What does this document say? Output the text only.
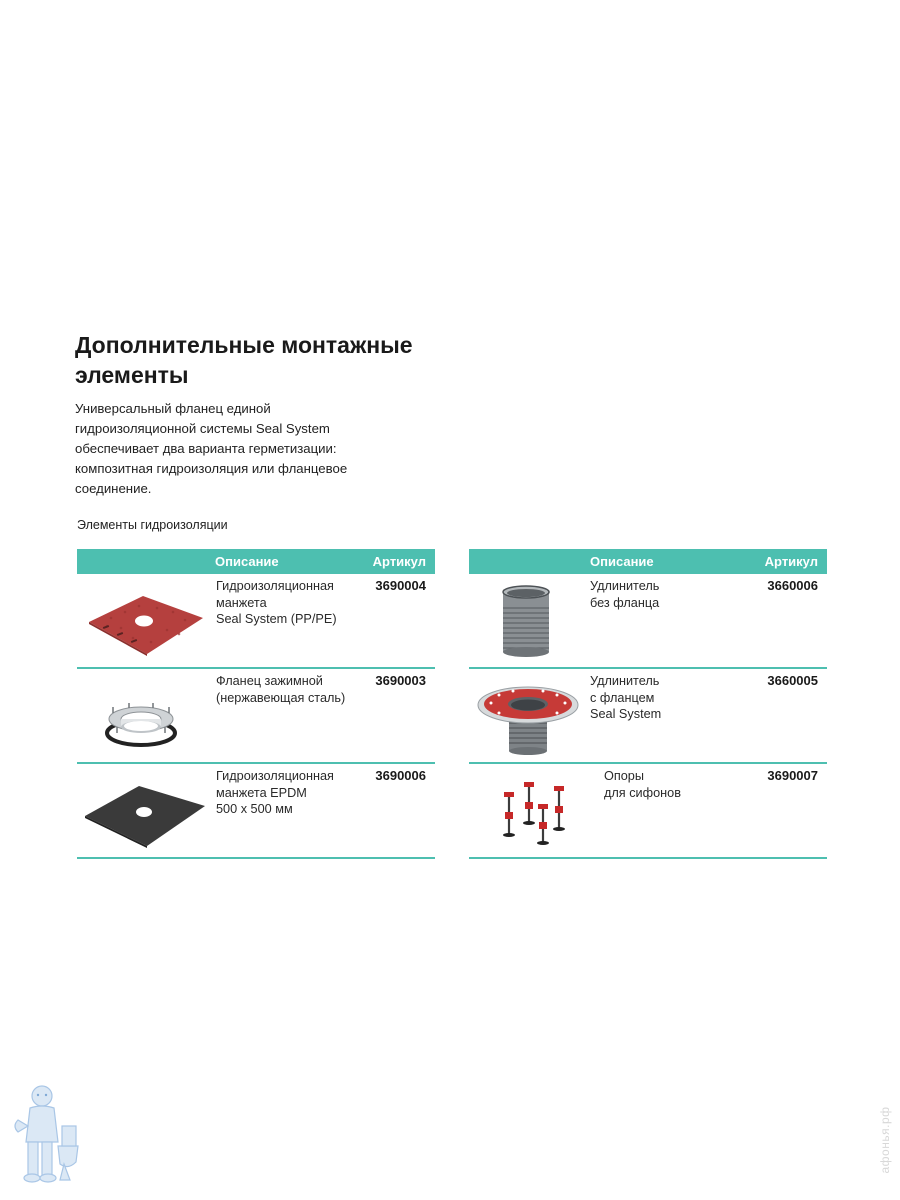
Дополнительные монтажные элементы

Универсальный фланец единой гидроизоляционной системы Seal System обеспечивает два варианта герметизации: композитная гидроизоляция или фланцевое соединение.

Элементы гидроизоляции
Описание	Артикул
Гидроизоляционная
манжета
Seal System (PP/PE)
3690004
Фланец зажимной
(нержавеющая сталь)
3690003
Гидроизоляционная
манжета EPDM
500 x 500 мм
3690006
Описание	Артикул
Удлинитель
без фланца
3660006
Удлинитель
с фланцем
Seal System
3660005
Опоры
для сифонов
3690007
афонья.рф
